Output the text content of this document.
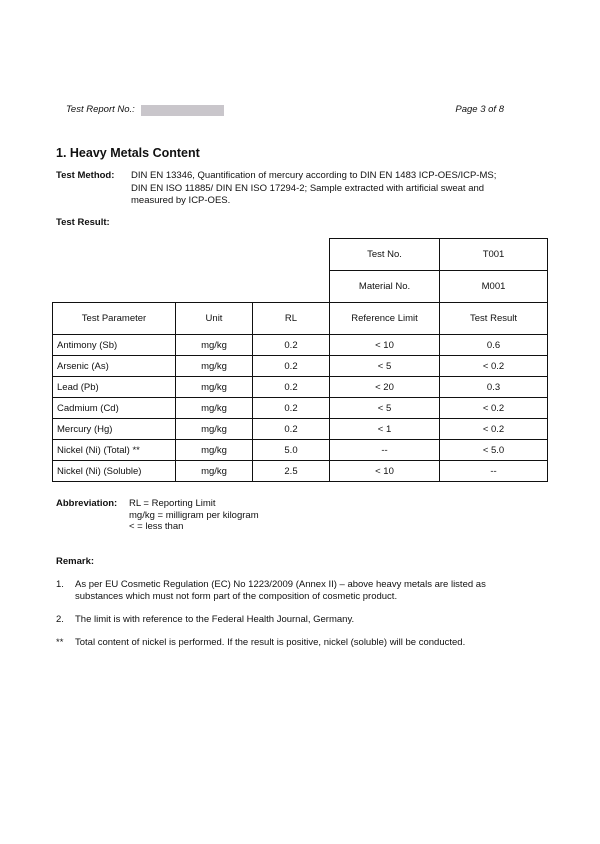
Test Report No.:	Page 3 of 8
1. Heavy Metals Content
Test Method: DIN EN 13346, Quantification of mercury according to DIN EN 1483 ICP-OES/ICP-MS;
DIN EN ISO 11885/ DIN EN ISO 17294-2; Sample extracted with artificial sweat and
measured by ICP-OES.
Test Result:
			Test No.	T001
			Material No.	M001
Test Parameter	Unit	RL	Reference Limit	Test Result
Antimony (Sb)	mg/kg	0.2	< 10	0.6
Arsenic (As)	mg/kg	0.2	< 5	< 0.2
Lead (Pb)	mg/kg	0.2	< 20	0.3
Cadmium (Cd)	mg/kg	0.2	< 5	< 0.2
Mercury (Hg)	mg/kg	0.2	< 1	< 0.2
Nickel (Ni) (Total) **	mg/kg	5.0	--	< 5.0
Nickel (Ni) (Soluble)	mg/kg	2.5	< 10	--
Abbreviation: RL = Reporting Limit
mg/kg = milligram per kilogram
< = less than
Remark:
1. As per EU Cosmetic Regulation (EC) No 1223/2009 (Annex II) – above heavy metals are listed as substances which must not form part of the composition of cosmetic product.
2. The limit is with reference to the Federal Health Journal, Germany.
** Total content of nickel is performed. If the result is positive, nickel (soluble) will be conducted.
